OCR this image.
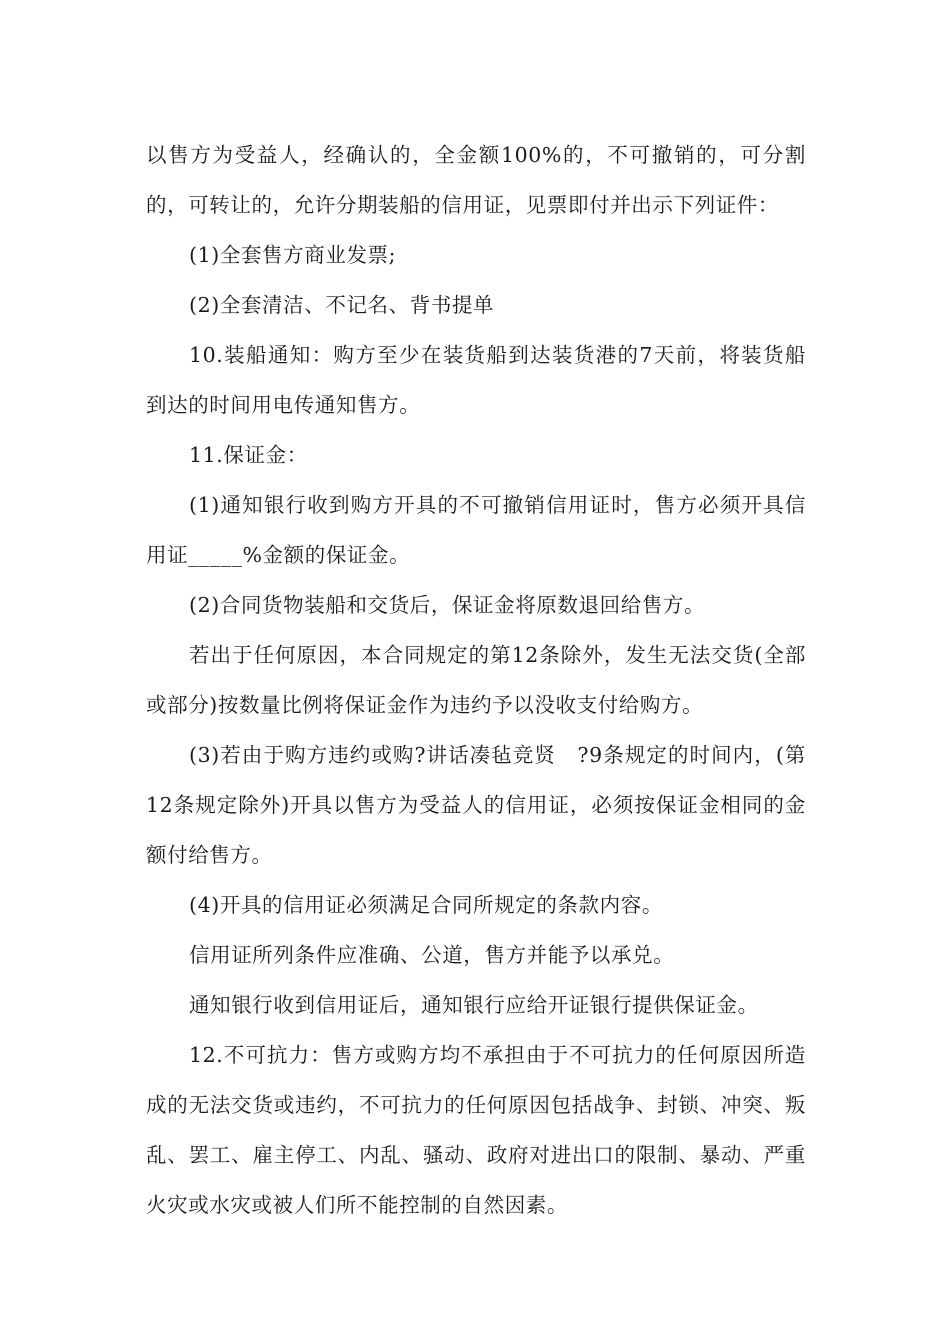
以售方为受益人，经确认的，全金额100%的，不可撤销的，可分割的，可转让的，允许分期装船的信用证，见票即付并出示下列证件：

(1)全套售方商业发票;

(2)全套清洁、不记名、背书提单

10.装船通知：购方至少在装货船到达装货港的7天前，将装货船到达的时间用电传通知售方。

11.保证金：

(1)通知银行收到购方开具的不可撤销信用证时，售方必须开具信用证_____%金额的保证金。

(2)合同货物装船和交货后，保证金将原数退回给售方。

若出于任何原因，本合同规定的第12条除外，发生无法交货(全部或部分)按数量比例将保证金作为违约予以没收支付给购方。

(3)若由于购方违约或购?讲话凑毡竞贤　?9条规定的时间内，(第12条规定除外)开具以售方为受益人的信用证，必须按保证金相同的金额付给售方。

(4)开具的信用证必须满足合同所规定的条款内容。

信用证所列条件应准确、公道，售方并能予以承兑。

通知银行收到信用证后，通知银行应给开证银行提供保证金。

12.不可抗力：售方或购方均不承担由于不可抗力的任何原因所造成的无法交货或违约，不可抗力的任何原因包括战争、封锁、冲突、叛乱、罢工、雇主停工、内乱、骚动、政府对进出口的限制、暴动、严重火灾或水灾或被人们所不能控制的自然因素。
